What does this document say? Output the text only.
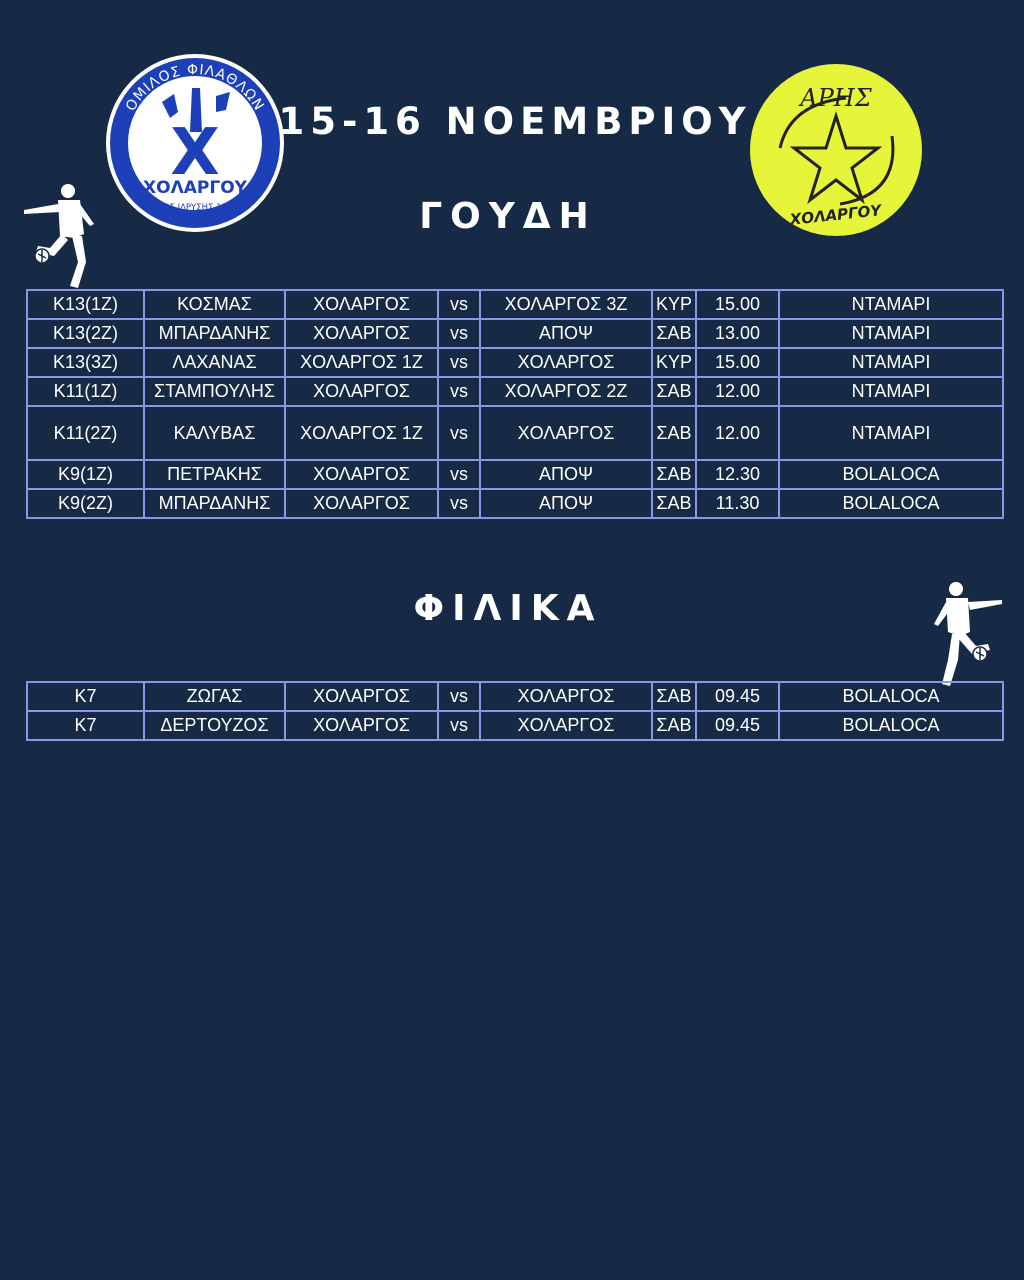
ΟΜΙΛΟΣ ΦΙΛΑΘΛΩΝ
Χ
ΧΟΛΑΡΓΟΥ
ΕΤΟΣ ΙΔΡΥΣΗΣ 1947
ΑΡΗΣ
ΧΟΛΑΡΓΟΥ
15-16 ΝΟΕΜΒΡΙΟΥ
ΓΟΥΔΗ
ΦΙΛΙΚΑ
Κ13(1Ζ)	ΚΟΣΜΑΣ	ΧΟΛΑΡΓΟΣ	vs	ΧΟΛΑΡΓΟΣ 3Ζ	ΚΥΡ	15.00	ΝΤΑΜΑΡΙ
Κ13(2Ζ)	ΜΠΑΡΔΑΝΗΣ	ΧΟΛΑΡΓΟΣ	vs	ΑΠΟΨ	ΣΑΒ	13.00	ΝΤΑΜΑΡΙ
Κ13(3Ζ)	ΛΑΧΑΝΑΣ	ΧΟΛΑΡΓΟΣ 1Ζ	vs	ΧΟΛΑΡΓΟΣ	ΚΥΡ	15.00	ΝΤΑΜΑΡΙ
Κ11(1Ζ)	ΣΤΑΜΠΟΥΛΗΣ	ΧΟΛΑΡΓΟΣ	vs	ΧΟΛΑΡΓΟΣ 2Ζ	ΣΑΒ	12.00	ΝΤΑΜΑΡΙ
Κ11(2Ζ)	ΚΑΛΥΒΑΣ	ΧΟΛΑΡΓΟΣ 1Ζ	vs	ΧΟΛΑΡΓΟΣ	ΣΑΒ	12.00	ΝΤΑΜΑΡΙ
Κ9(1Ζ)	ΠΕΤΡΑΚΗΣ	ΧΟΛΑΡΓΟΣ	vs	ΑΠΟΨ	ΣΑΒ	12.30	BOLALOCA
Κ9(2Ζ)	ΜΠΑΡΔΑΝΗΣ	ΧΟΛΑΡΓΟΣ	vs	ΑΠΟΨ	ΣΑΒ	11.30	BOLALOCA
Κ7	ΖΩΓΑΣ	ΧΟΛΑΡΓΟΣ	vs	ΧΟΛΑΡΓΟΣ	ΣΑΒ	09.45	BOLALOCA
Κ7	ΔΕΡΤΟΥΖΟΣ	ΧΟΛΑΡΓΟΣ	vs	ΧΟΛΑΡΓΟΣ	ΣΑΒ	09.45	BOLALOCA
